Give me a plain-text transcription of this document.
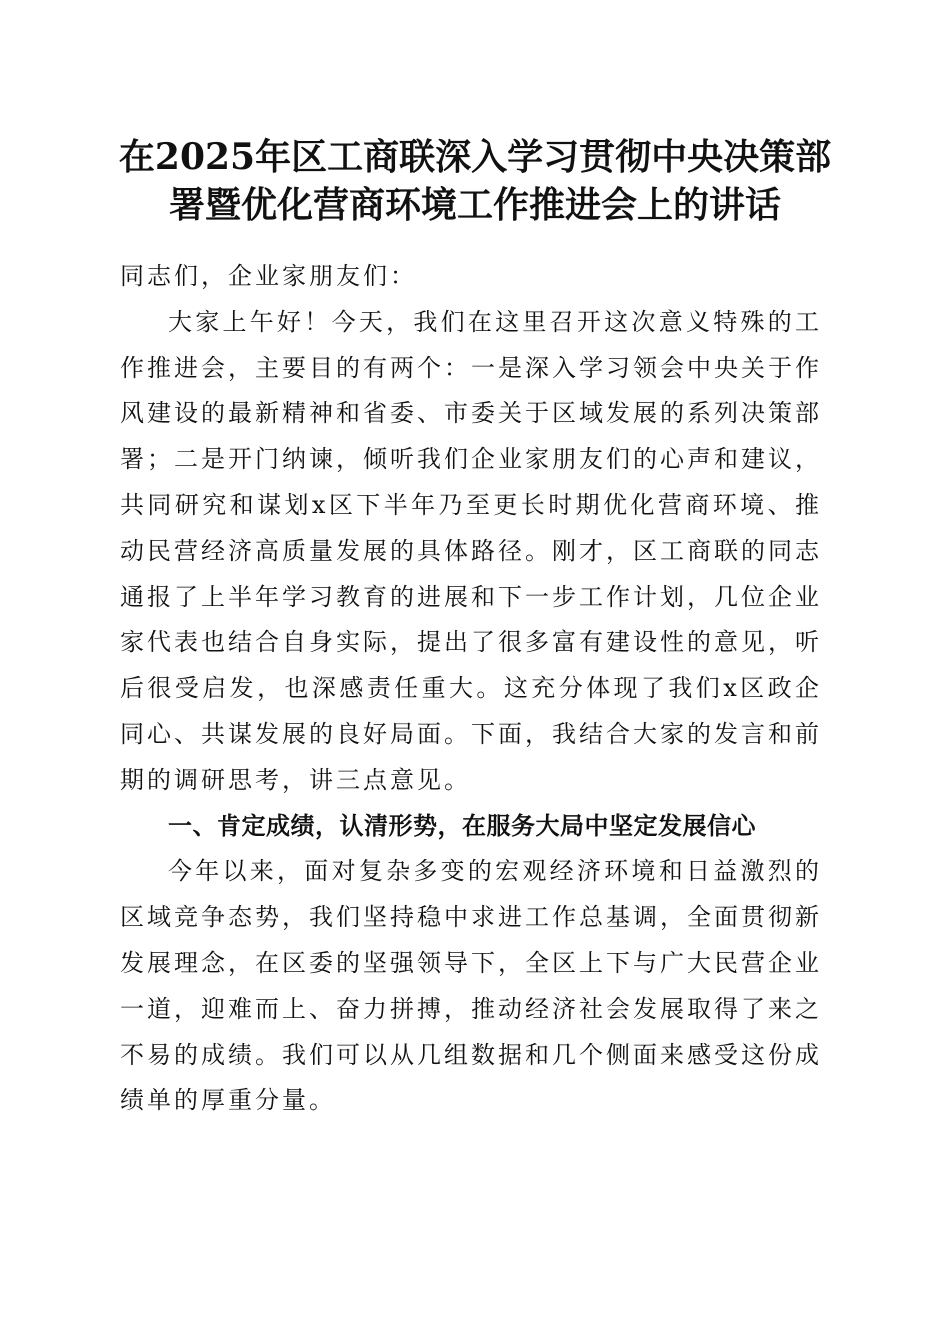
在2025年区工商联深入学习贯彻中央决策部
署暨优化营商环境工作推进会上的讲话

同志们，企业家朋友们：

大家上午好！今天，我们在这里召开这次意义特殊的工作推进会，主要目的有两个：一是深入学习领会中央关于作风建设的最新精神和省委、市委关于区域发展的系列决策部署；二是开门纳谏，倾听我们企业家朋友们的心声和建议，共同研究和谋划x区下半年乃至更长时期优化营商环境、推动民营经济高质量发展的具体路径。刚才，区工商联的同志通报了上半年学习教育的进展和下一步工作计划，几位企业家代表也结合自身实际，提出了很多富有建设性的意见，听后很受启发，也深感责任重大。这充分体现了我们x区政企同心、共谋发展的良好局面。下面，我结合大家的发言和前期的调研思考，讲三点意见。

一、肯定成绩，认清形势，在服务大局中坚定发展信心

今年以来，面对复杂多变的宏观经济环境和日益激烈的区域竞争态势，我们坚持稳中求进工作总基调，全面贯彻新发展理念，在区委的坚强领导下，全区上下与广大民营企业一道，迎难而上、奋力拼搏，推动经济社会发展取得了来之不易的成绩。我们可以从几组数据和几个侧面来感受这份成绩单的厚重分量。
